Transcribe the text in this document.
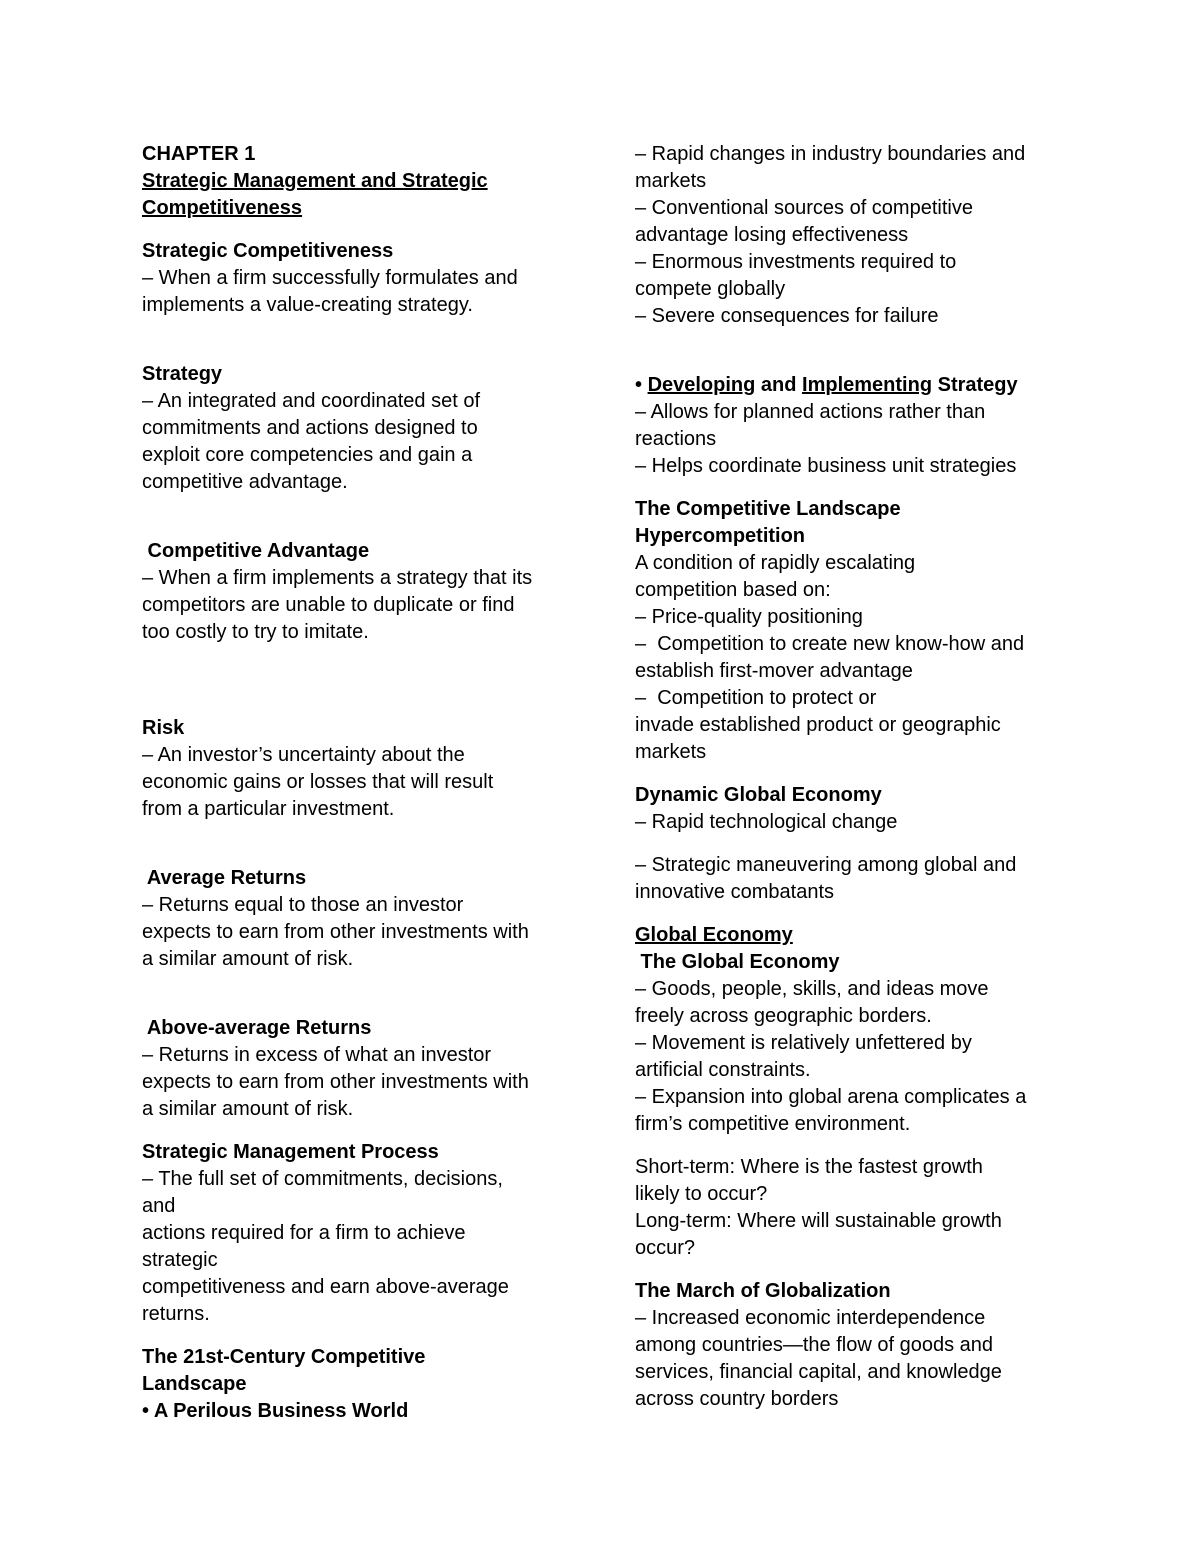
CHAPTER 1
Strategic Management and Strategic
Competitiveness
Strategic Competitiveness
– When a firm successfully formulates and
implements a value-creating strategy.
Strategy
– An integrated and coordinated set of
commitments and actions designed to
exploit core competencies and gain a
competitive advantage.
Competitive Advantage
– When a firm implements a strategy that its
competitors are unable to duplicate or find
too costly to try to imitate.
Risk
– An investor’s uncertainty about the
economic gains or losses that will result
from a particular investment.
Average Returns
– Returns equal to those an investor
expects to earn from other investments with
a similar amount of risk.
Above-average Returns
– Returns in excess of what an investor
expects to earn from other investments with
a similar amount of risk.
Strategic Management Process
– The full set of commitments, decisions,
and
actions required for a firm to achieve
strategic
competitiveness and earn above-average
returns.
The 21st-Century Competitive
Landscape
• A Perilous Business World
– Rapid changes in industry boundaries and
markets
– Conventional sources of competitive
advantage losing effectiveness
– Enormous investments required to
compete globally
– Severe consequences for failure
• Developing and Implementing Strategy
– Allows for planned actions rather than
reactions
– Helps coordinate business unit strategies
The Competitive Landscape
Hypercompetition
A condition of rapidly escalating
competition based on:
– Price-quality positioning
–  Competition to create new know-how and
establish first-mover advantage
–  Competition to protect or
invade established product or geographic
markets
Dynamic Global Economy
– Rapid technological change
– Strategic maneuvering among global and
innovative combatants
Global Economy
The Global Economy
– Goods, people, skills, and ideas move
freely across geographic borders.
– Movement is relatively unfettered by
artificial constraints.
– Expansion into global arena complicates a
firm’s competitive environment.
Short-term: Where is the fastest growth
likely to occur?
Long-term: Where will sustainable growth
occur?
The March of Globalization
– Increased economic interdependence
among countries—the flow of goods and
services, financial capital, and knowledge
across country borders
